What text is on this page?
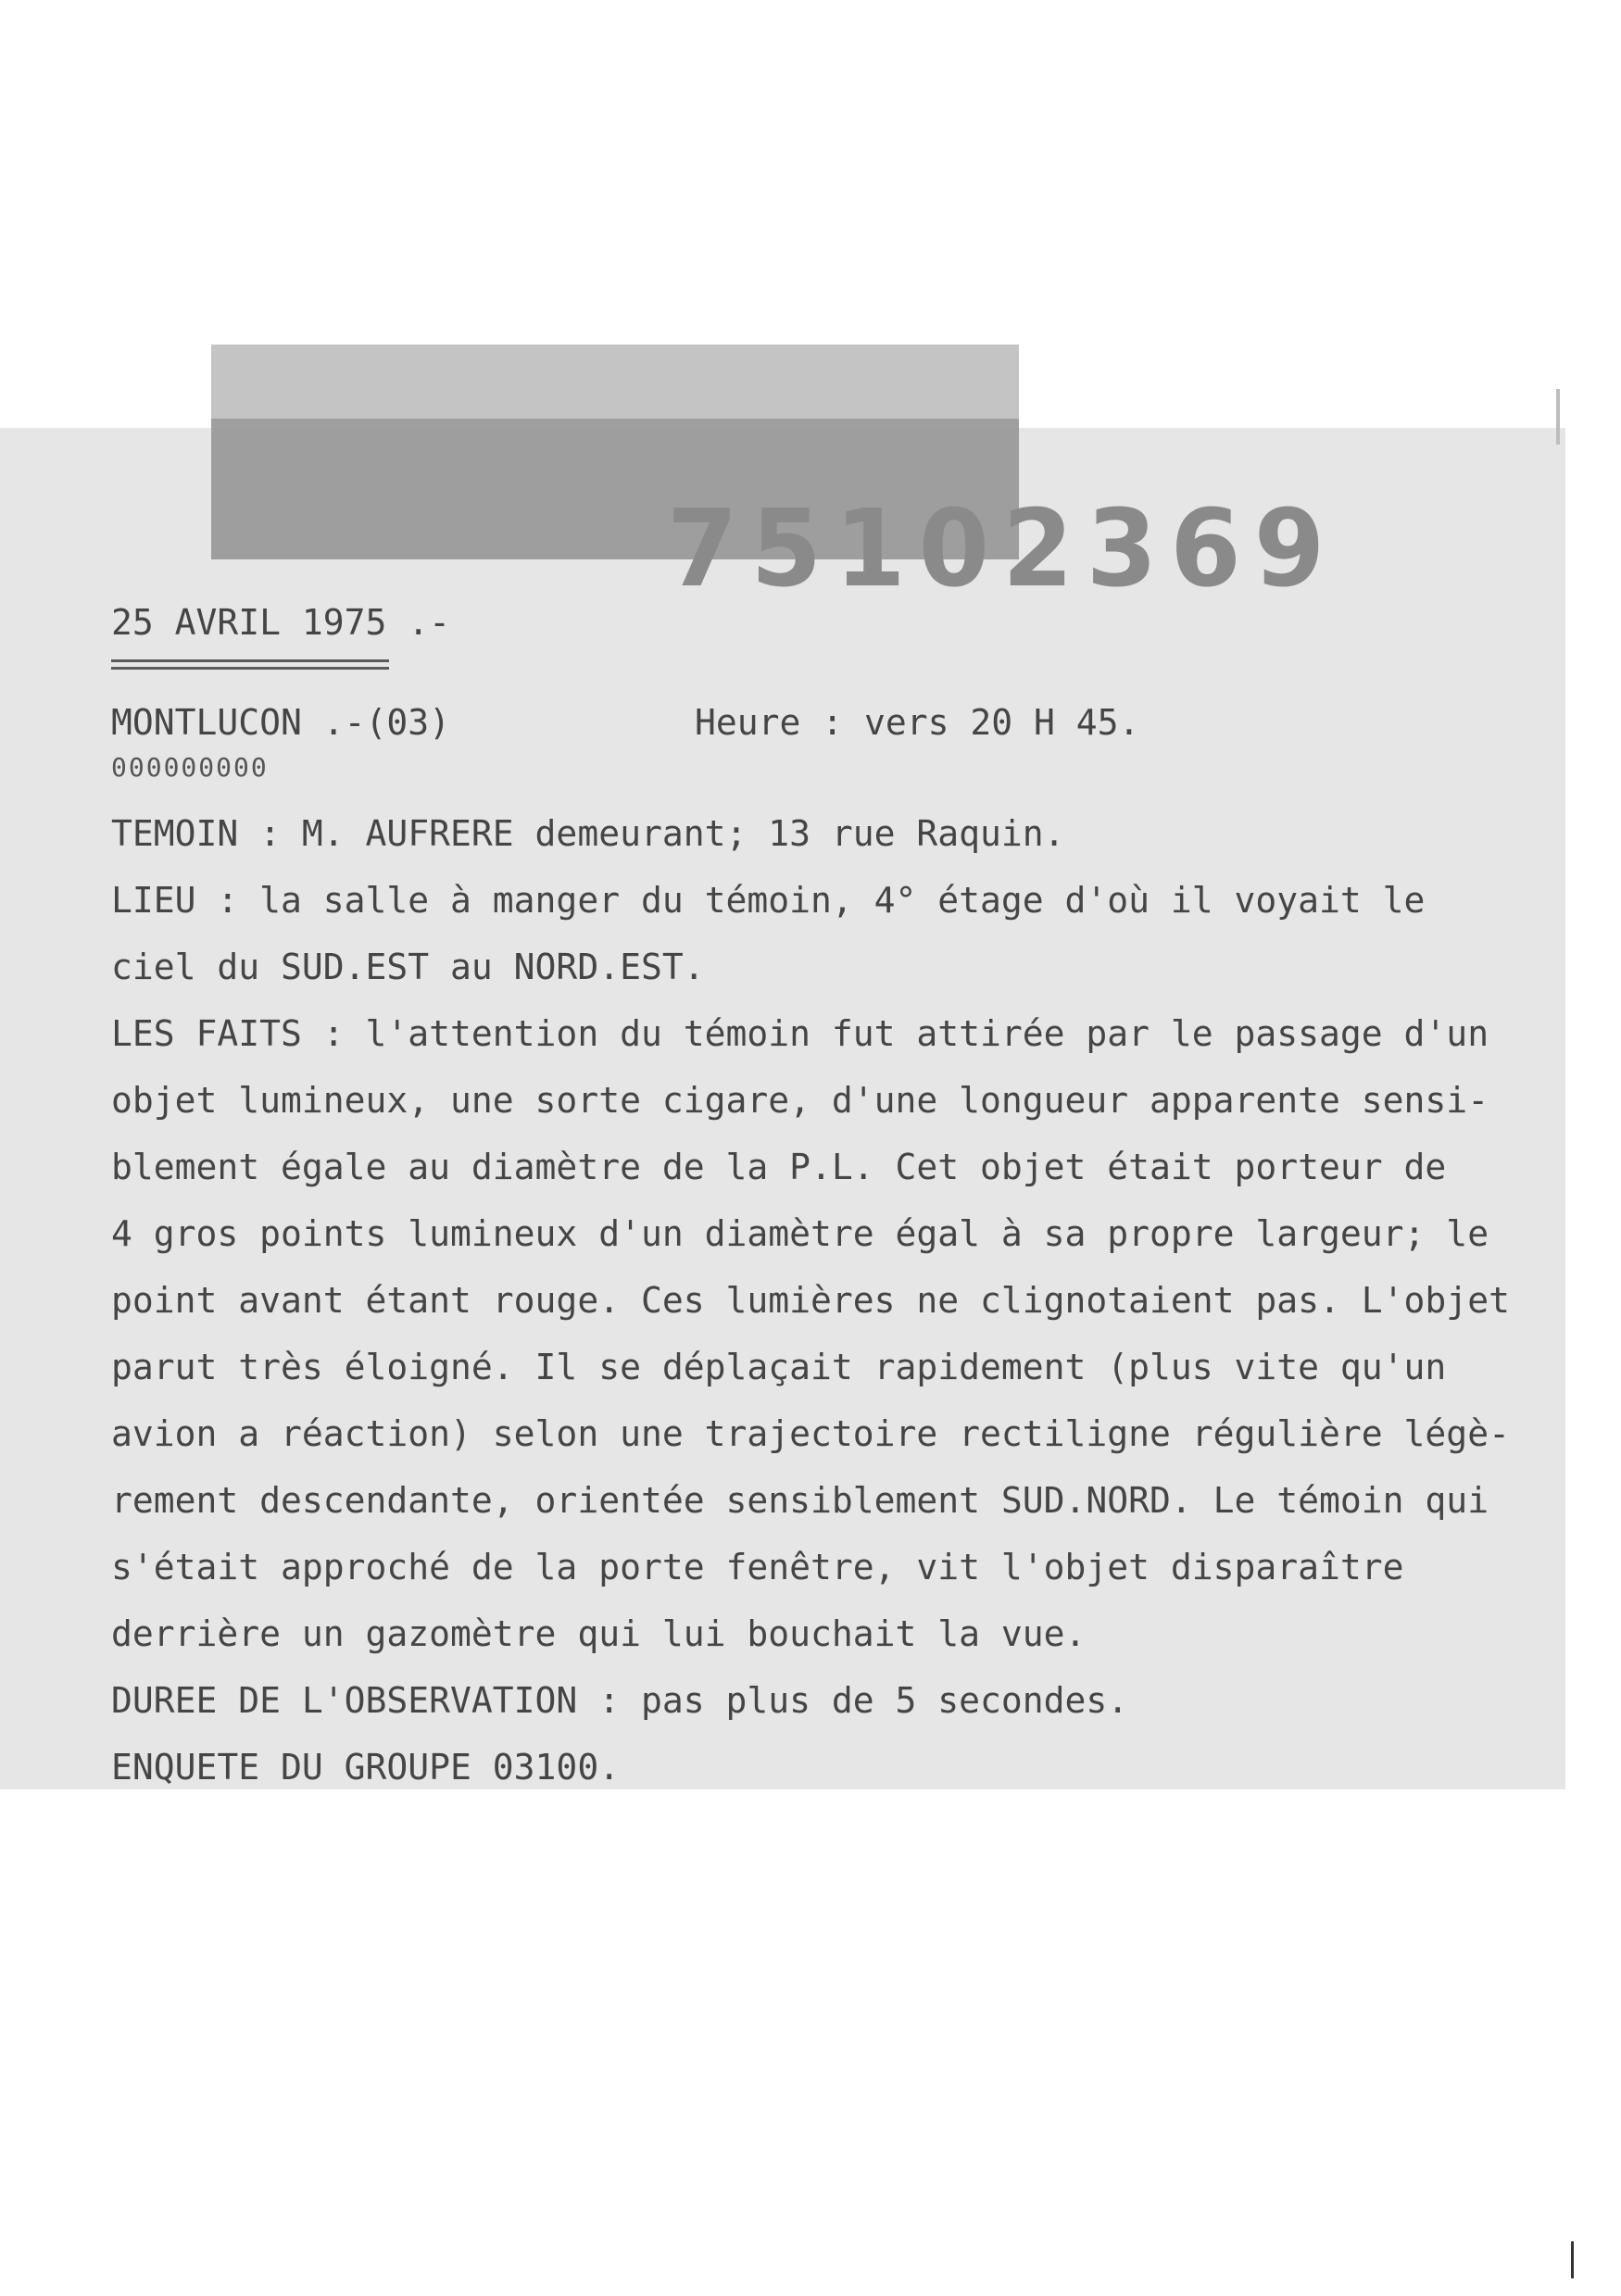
75102369
25 AVRIL 1975 .-
MONTLUCON .-(03)	Heure : vers 20 H 45.
000000000
TEMOIN : M. AUFRERE demeurant; 13 rue Raquin.
LIEU : la salle à manger du témoin, 4° étage d'où il voyait le
ciel du SUD.EST au NORD.EST.
LES FAITS : l'attention du témoin fut attirée par le passage d'un
objet lumineux, une sorte cigare, d'une longueur apparente sensi-
blement égale au diamètre de la P.L. Cet objet était porteur de
4 gros points lumineux d'un diamètre égal à sa propre largeur; le
point avant étant rouge. Ces lumières ne clignotaient pas. L'objet
parut très éloigné. Il se déplaçait rapidement (plus vite qu'un
avion a réaction) selon une trajectoire rectiligne régulière légè-
rement descendante, orientée sensiblement SUD.NORD. Le témoin qui
s'était approché de la porte fenêtre, vit l'objet disparaître
derrière un gazomètre qui lui bouchait la vue.
DUREE DE L'OBSERVATION : pas plus de 5 secondes.
ENQUETE DU GROUPE 03100.
